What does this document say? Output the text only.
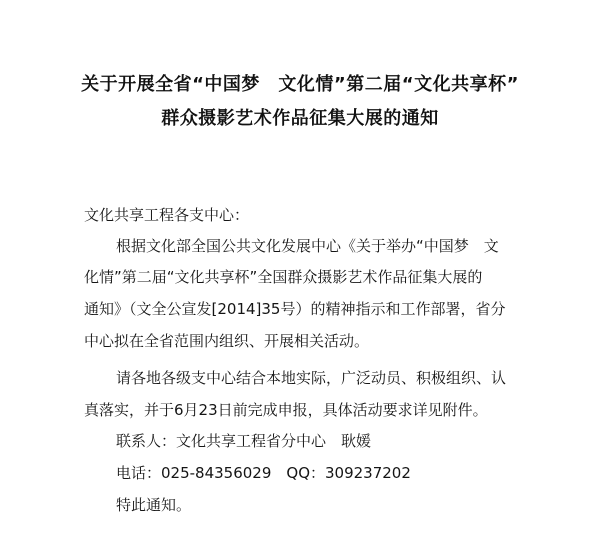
关于开展全省“中国梦　文化情”第二届“文化共享杯”
群众摄影艺术作品征集大展的通知
文化共享工程各支中心：
根据文化部全国公共文化发展中心《关于举办“中国梦　文
化情”第二届“文化共享杯”全国群众摄影艺术作品征集大展的
通知》（文全公宣发[2014]35号）的精神指示和工作部署，省分
中心拟在全省范围内组织、开展相关活动。
请各地各级支中心结合本地实际，广泛动员、积极组织、认
真落实，并于6月23日前完成申报，具体活动要求详见附件。
联系人：文化共享工程省分中心　耿媛
电话：025-84356029　QQ：309237202
特此通知。
